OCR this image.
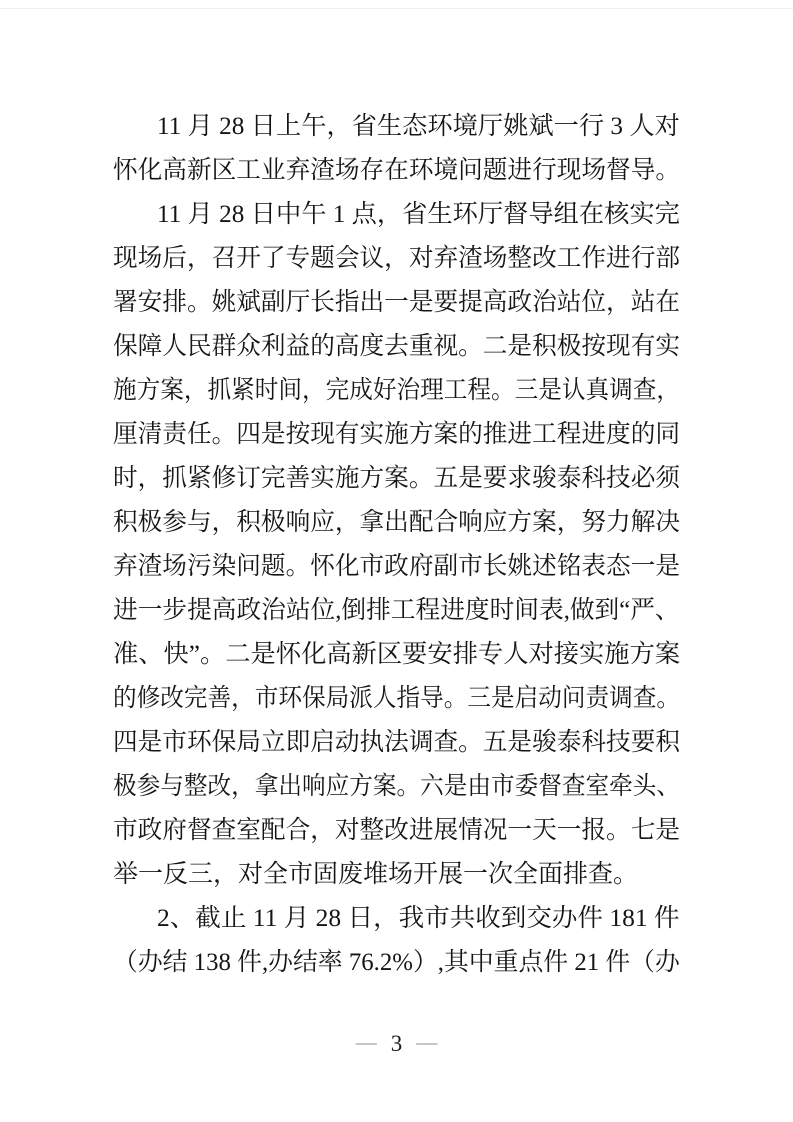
11 月 28 日上午，省生态环境厅姚斌一行 3 人对
怀化高新区工业弃渣场存在环境问题进行现场督导。
11 月 28 日中午 1 点，省生环厅督导组在核实完
现场后，召开了专题会议，对弃渣场整改工作进行部
署安排。姚斌副厅长指出一是要提高政治站位，站在
保障人民群众利益的高度去重视。二是积极按现有实
施方案，抓紧时间，完成好治理工程。三是认真调查，
厘清责任。四是按现有实施方案的推进工程进度的同
时，抓紧修订完善实施方案。五是要求骏泰科技必须
积极参与，积极响应，拿出配合响应方案，努力解决
弃渣场污染问题。怀化市政府副市长姚述铭表态一是
进一步提高政治站位,倒排工程进度时间表,做到“严、
准、快”。二是怀化高新区要安排专人对接实施方案
的修改完善，市环保局派人指导。三是启动问责调查。
四是市环保局立即启动执法调查。五是骏泰科技要积
极参与整改，拿出响应方案。六是由市委督查室牵头、
市政府督查室配合，对整改进展情况一天一报。七是
举一反三，对全市固废堆场开展一次全面排查。
2、截止 11 月 28 日，我市共收到交办件 181 件
（办结 138 件,办结率 76.2%）,其中重点件 21 件（办
— 3 —
